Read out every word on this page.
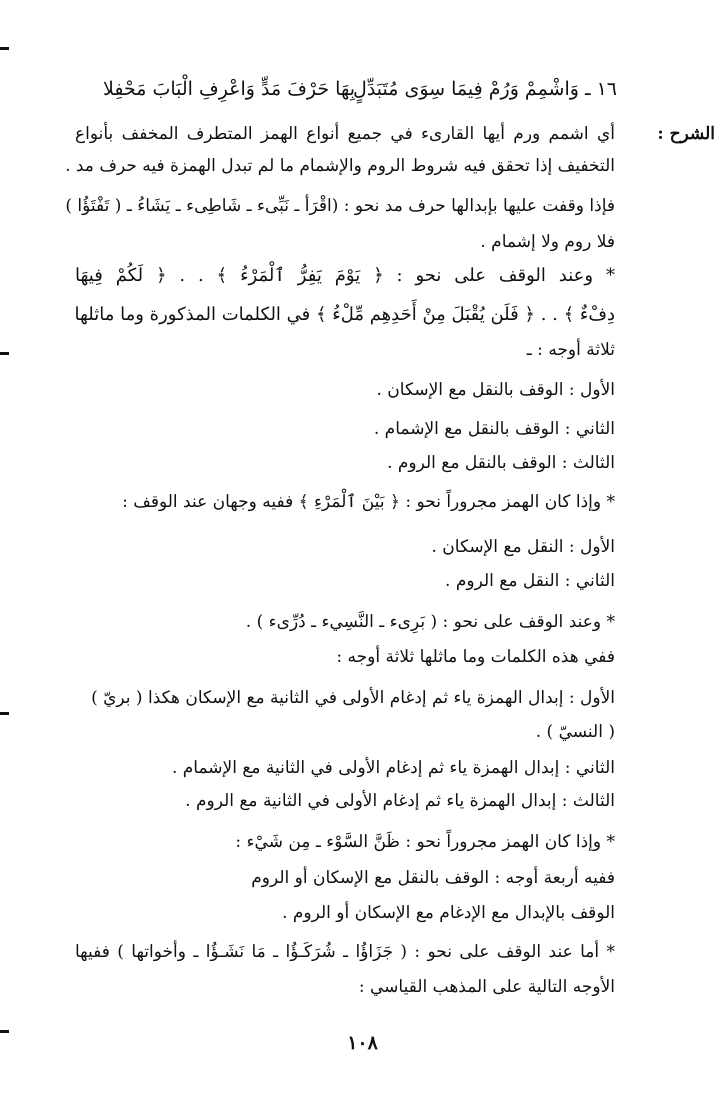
١٦ ـ وَاشْمِمْ وَرُمْ فِيمَا سِوَى مُتَبَدِّلٍ
بِهَا حَرْفَ مَدٍّ وَاعْرِفِ الْبَابَ مَحْفِلا
الشرح :
أي اشمم ورم أيها القارىء في جميع أنواع الهمز المتطرف المخفف بأنواع
التخفيف إذا تحقق فيه شروط الروم والإشمام ما لم تبدل الهمزة فيه حرف مد .
فإذا وقفت عليها بإبدالها حرف مد نحو : (اقْرَأ ـ نَبِّىء ـ شَاطِىء ـ يَشَاءُ ـ ( تَفْتَؤُا )
فلا روم ولا إشمام .
* وعند الوقف على نحو : ﴿ يَوْمَ يَفِرُّ ٱلْمَرْءُ ﴾ . . ﴿ لَكُمْ فِيهَا
دِفْءٌ ﴾ . . ﴿ فَلَن يُقْبَلَ مِنْ أَحَدِهِم مِّلْءُ ﴾ في الكلمات المذكورة وما ماثلها
ثلاثة أوجه : ـ
الأول : الوقف بالنقل مع الإسكان .
الثاني : الوقف بالنقل مع الإشمام .
الثالث : الوقف بالنقل مع الروم .
* وإذا كان الهمز مجروراً نحو : ﴿ بَيْنَ ٱلْمَرْءِ ﴾ ففيه وجهان عند الوقف :
الأول : النقل مع الإسكان .
الثاني : النقل مع الروم .
* وعند الوقف على نحو : ( بَرِىء ـ النَّسِيء ـ دُرِّىء ) .
ففي هذه الكلمات وما ماثلها ثلاثة أوجه :
الأول : إبدال الهمزة ياء ثم إدغام الأولى في الثانية مع الإسكان هكذا ( بريّ )
( النسيّ ) .
الثاني : إبدال الهمزة ياء ثم إدغام الأولى في الثانية مع الإشمام .
الثالث : إبدال الهمزة ياء ثم إدغام الأولى في الثانية مع الروم .
* وإذا كان الهمز مجروراً نحو : ظَنَّ السَّوْء ـ مِن شَيْء :
ففيه أربعة أوجه : الوقف بالنقل مع الإسكان أو الروم
الوقف بالإبدال مع الإدغام مع الإسكان أو الروم .
* أما عند الوقف على نحو : ( جَزَاؤُا ـ شُرَكَـؤُا ـ مَا نَشَـؤُا ـ وأخواتها ) ففيها
الأوجه التالية على المذهب القياسي :
١٠٨
